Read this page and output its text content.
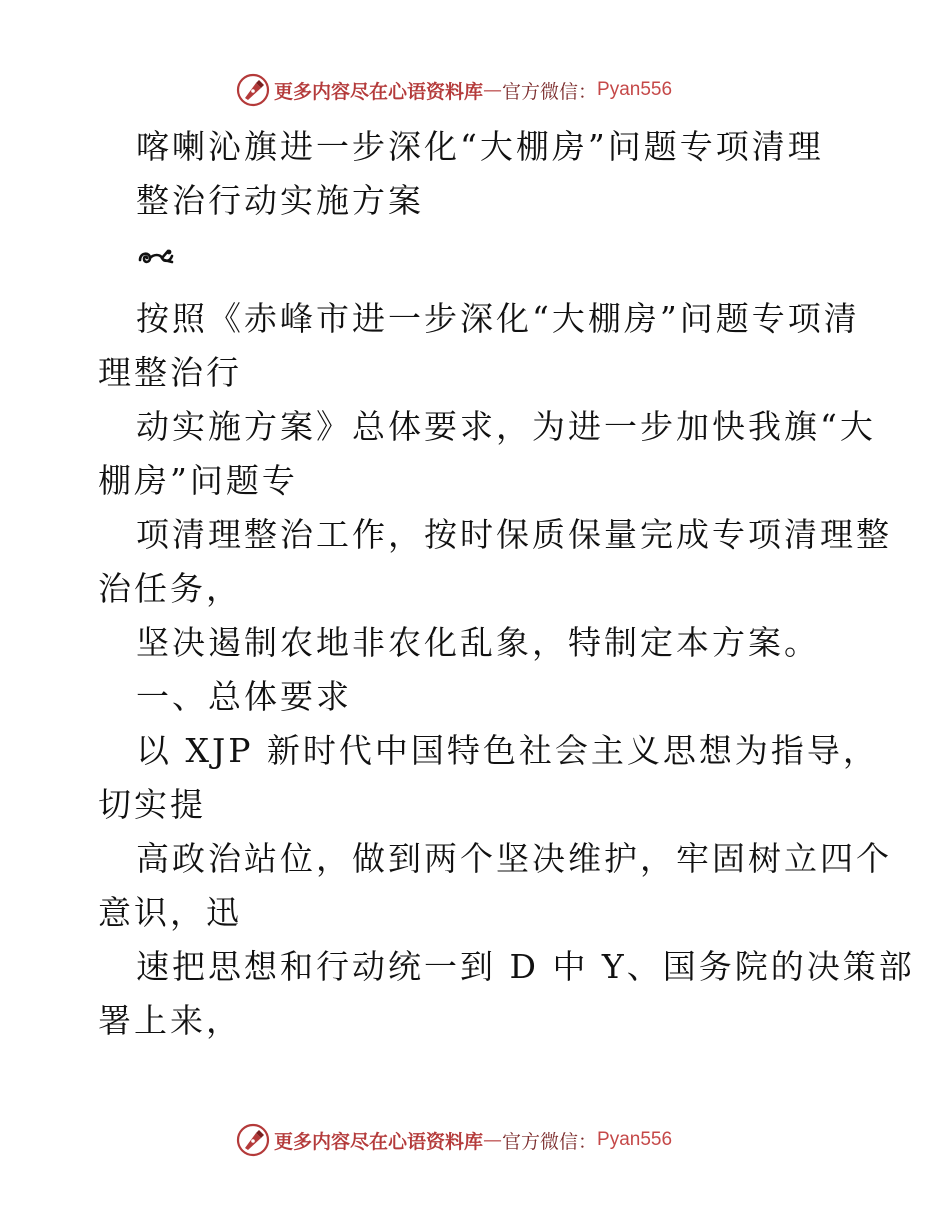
更多内容尽在心语资料库 — 官方微信： Pyan556
喀喇沁旗进一步深化“大棚房”问题专项清理
整治行动实施方案
按照《赤峰市进一步深化“大棚房”问题专项清
理整治行
动实施方案》总体要求，为进一步加快我旗“大
棚房”问题专
项清理整治工作，按时保质保量完成专项清理整
治任务，
坚决遏制农地非农化乱象，特制定本方案。
一、总体要求
以 XJP 新时代中国特色社会主义思想为指导，
切实提
高政治站位，做到两个坚决维护，牢固树立四个
意识，迅
速把思想和行动统一到 D 中 Y、国务院的决策部
署上来，
更多内容尽在心语资料库 — 官方微信： Pyan556
